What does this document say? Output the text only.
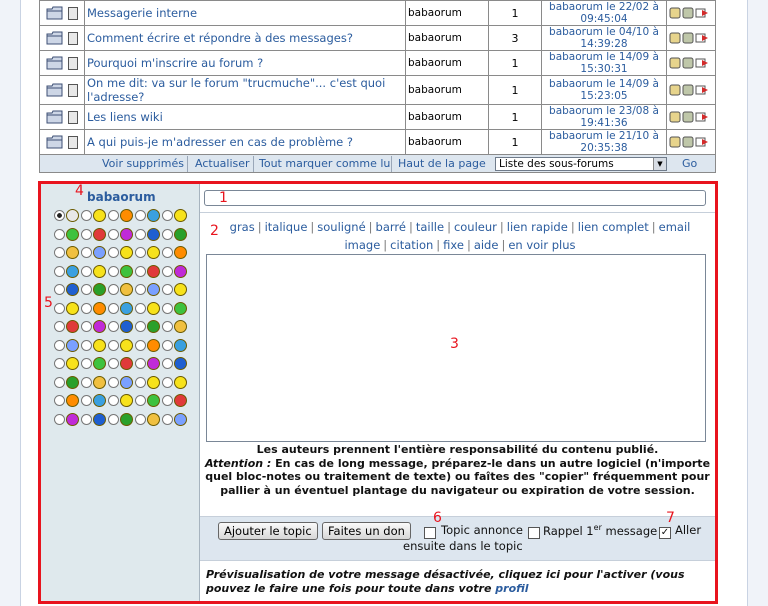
	Messagerie interne	babaorum	1	babaorum le 22/02 à
09:45:04

	Comment écrire et répondre à des messages?	babaorum	3	babaorum le 04/10 à
14:39:28

	Pourquoi m'inscrire au forum ?	babaorum	1	babaorum le 14/09 à
15:30:31

	On me dit: va sur le forum "trucmuche"... c'est quoi l'adresse?	babaorum	1	babaorum le 14/09 à
15:23:05

	Les liens wiki	babaorum	1	babaorum le 23/08 à
19:41:36

	A qui puis-je m'adresser en cas de problème ?	babaorum	1	babaorum le 21/10 à
20:35:38

Voir supprimés Actualiser Tout marquer comme lu Haut de la page	Liste des sous-forums	▼	Go
babaorum
gras | italique | souligné | barré | taille | couleur | lien rapide | lien complet | email
image | citation | fixe | aide | en voir plus
Les auteurs prennent l'entière responsabilité du contenu publié.
Attention : En cas de long message, préparez-le dans un autre logiciel (n'importe quel bloc-notes ou traitement de texte) ou faîtes des "copier" fréquemment pour pallier à un éventuel plantage du navigateur ou expiration de votre session.
Ajouter le topic	Faites un don	Topic annonce Rappel 1er message ✓ Aller
ensuite dans le topic
Prévisualisation de votre message désactivée, cliquez ici pour l'activer (vous pouvez le faire une fois pour toute dans votre profil
1
2
3
4
5
6	7
